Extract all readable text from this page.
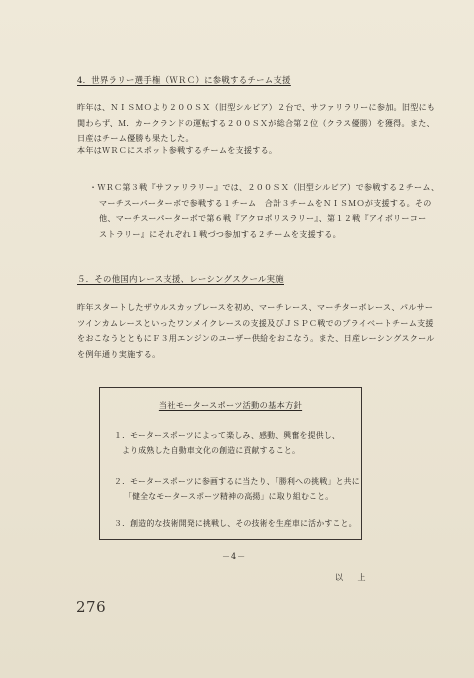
4．世界ラリー選手権（ＷＲＣ）に参戦するチーム支援
昨年は、ＮＩＳＭＯより２００ＳＸ（旧型シルビア）２台で、サファリラリーに参加。旧型にも
関わらず、Ｍ．カークランドの運転する２００ＳＸが総合第２位（クラス優勝）を獲得。また、
日産はチーム優勝も果たした。
本年はＷＲＣにスポット参戦するチームを支援する。
・ＷＲＣ第３戦『サファリラリー』では、２００ＳＸ（旧型シルビア）で参戦する２チーム、
マーチスーパーターボで参戦する１チーム　合計３チームをＮＩＳＭＯが支援する。その
他、マーチスーパーターボで第６戦『アクロポリスラリー』、第１２戦『アイボリーコー
ストラリー』にそれぞれ１戦づつ参加する２チームを支援する。
５．その他国内レース支援、レーシングスクール実施
昨年スタートしたザウルスカップレースを初め、マーチレース、マーチターボレース、パルサー
ツインカムレースといったワンメイクレースの支援及びＪＳＰＣ戦でのプライベートチーム支援
をおこなうとともにＦ３用エンジンのユーザー供給をおこなう。また、日産レーシングスクール
を例年通り実施する。
当社モータースポーツ活動の基本方針
１．モータースポーツによって楽しみ、感動、興奮を提供し、
　より成熟した自動車文化の創造に貢献すること。
２．モータースポーツに参画するに当たり、「勝利への挑戦」と共に
「健全なモータースポーツ精神の高揚」に取り組むこと。
３．創造的な技術開発に挑戦し、その技術を生産車に活かすこと。
－4－
以 上
276
